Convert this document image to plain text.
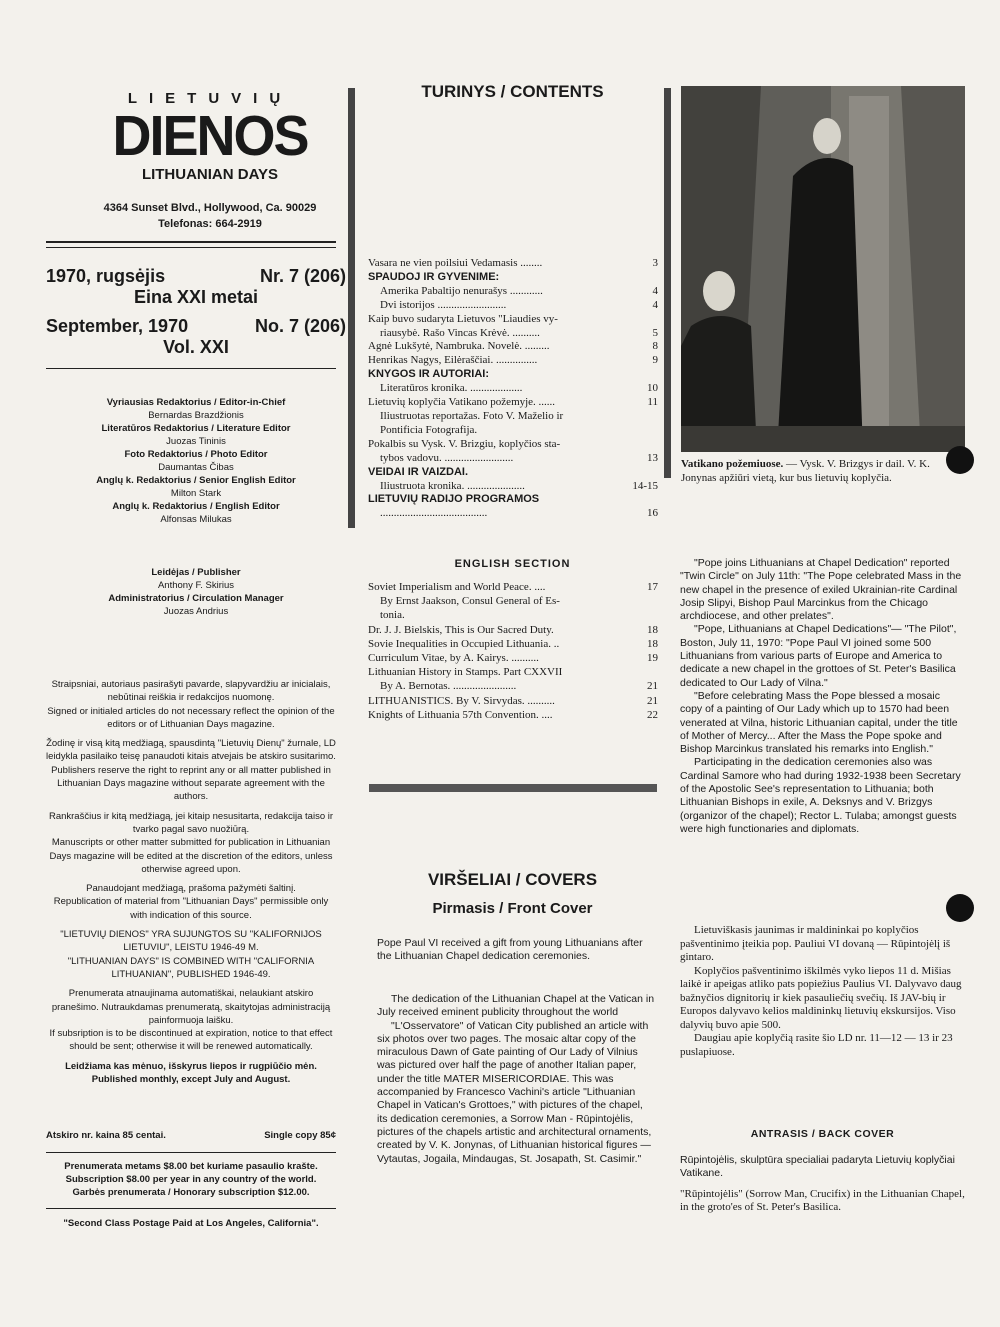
LIETUVIŲ
DIENOS
LITHUANIAN DAYS
4364 Sunset Blvd., Hollywood, Ca. 90029
Telefonas: 664-2919
1970, rugsėjis	Nr. 7 (206)
Eina XXI metai
September, 1970	No. 7 (206)
Vol. XXI
Vyriausias Redaktorius / Editor-in-Chief
Bernardas Brazdžionis
Literatūros Redaktorius / Literature Editor
Juozas Tininis
Foto Redaktorius / Photo Editor
Daumantas Čibas
Anglų k. Redaktorius / Senior English Editor
Milton Stark
Anglų k. Redaktorius / English Editor
Alfonsas Milukas
Leidėjas / Publisher
Anthony F. Skirius
Administratorius / Circulation Manager
Juozas Andrius

Straipsniai, autoriaus pasirašyti pavarde, slapyvardžiu ar inicialais, nebūtinai reiškia ir redakcijos nuomonę.
Signed or initialed articles do not necessary reflect the opinion of the editors or of Lithuanian Days magazine.

Žodinę ir visą kitą medžiagą, spausdintą "Lietuvių Dienų" žurnale, LD leidykla pasilaiko teisę panaudoti kitais atvejais be atskiro susitarimo.
Publishers reserve the right to reprint any or all matter published in Lithuanian Days magazine without separate agreement with the authors.

Rankraščius ir kitą medžiagą, jei kitaip nesusitarta, redakcija taiso ir tvarko pagal savo nuožiūrą.
Manuscripts or other matter submitted for publication in Lithuanian Days magazine will be edited at the discretion of the editors, unless otherwise agreed upon.

Panaudojant medžiagą, prašoma pažymėti šaltinį.
Republication of material from "Lithuanian Days" permissible only with indication of this source.

"LIETUVIŲ DIENOS" YRA SUJUNGTOS SU "KALIFORNIJOS LIETUVIU", LEISTU 1946-49 M.
"LITHUANIAN DAYS" IS COMBINED WITH "CALIFORNIA LITHUANIAN", PUBLISHED 1946-49.

Prenumerata atnaujinama automatiškai, nelaukiant atskiro pranešimo. Nutraukdamas prenumeratą, skaitytojas administraciją painformuoja laišku.
If subsription is to be discontinued at expiration, notice to that effect should be sent; otherwise it will be renewed automatically.

Leidžiama kas mėnuo, išskyrus liepos ir rugpiūčio mėn.
Published monthly, except July and August.

Atskiro nr. kaina 85 centai.	Single copy 85¢
Prenumerata metams $8.00 bet kuriame pasaulio krašte.
Subscription $8.00 per year in any country of the world.
Garbės prenumerata / Honorary subscription $12.00.
"Second Class Postage Paid at Los Angeles, California".
TURINYS / CONTENTS
Vasara ne vien poilsiui Vedamasis ........	3
SPAUDOJ IR GYVENIME:
Amerika Pabaltijo nenurašys ............	4
Dvi istorijos .........................	4
Kaip buvo sudaryta Lietuvos "Liaudies vy-
riausybė. Rašo Vincas Krėvė. ..........	5
Agnė Lukšytė, Nambruka. Novelė. .........	8
Henrikas Nagys, Eilėraščiai. ...............	9
KNYGOS IR AUTORIAI:
Literatūros kronika. ...................	10
Lietuvių koplyčia Vatikano požemyje. ......	11
Iliustruotas reportažas. Foto V. Maželio ir
Pontificia Fotografija.
Pokalbis su Vysk. V. Brizgiu, koplyčios sta-
tybos vadovu. .........................	13
VEIDAI IR VAIZDAI.
Iliustruota kronika. .....................	14-15
LIETUVIŲ RADIJO PROGRAMOS
.......................................	16
ENGLISH SECTION
Soviet Imperialism and World Peace. ....	17
By Ernst Jaakson, Consul General of Es-
tonia.
Dr. J. J. Bielskis, This is Our Sacred Duty.	18
Sovie Inequalities in Occupied Lithuania. ..	18
Curriculum Vitae, by A. Kairys. ..........	19
Lithuanian History in Stamps. Part CXXVII
By A. Bernotas. .......................	21
LITHUANISTICS. By V. Sirvydas. ..........	21
Knights of Lithuania 57th Convention. ....	22
VIRŠELIAI / COVERS
Pirmasis / Front Cover

Pope Paul VI received a gift from young Lithuanians after the Lithuanian Chapel dedication ceremonies.

The dedication of the Lithuanian Chapel at the Vatican in July received eminent publicity throughout the world

"L'Osservatore" of Vatican City published an article with six photos over two pages. The mosaic altar copy of the miraculous Dawn of Gate painting of Our Lady of Vilnius was pictured over half the page of another Italian paper, under the title MATER MISERICORDIAE. This was accompanied by Francesco Vachini's article "Lithuanian Chapel in Vatican's Grottoes," with pictures of the chapel, its dedication ceremonies, a Sorrow Man - Rūpintojėlis, pictures of the chapels artistic and architectural ornaments, created by V. K. Jonynas, of Lithuanian historical figures — Vytautas, Jogaila, Mindaugas, St. Josapath, St. Casimir."

Vatikano požemiuose. — Vysk. V. Brizgys ir dail. V. K. Jonynas apžiūri vietą, kur bus lietuvių koplyčia.

"Pope joins Lithuanians at Chapel Dedication" reported "Twin Circle" on July 11th: "The Pope celebrated Mass in the new chapel in the presence of exiled Ukrainian-rite Cardinal Josip Slipyi, Bishop Paul Marcinkus from the Chicago archdiocese, and other prelates".

"Pope, Lithuanians at Chapel Dedications"— "The Pilot", Boston, July 11, 1970: "Pope Paul VI joined some 500 Lithuanians from various parts of Europe and America to dedicate a new chapel in the grottoes of St. Peter's Basilica dedicated to Our Lady of Vilna."

"Before celebrating Mass the Pope blessed a mosaic copy of a painting of Our Lady which up to 1570 had been venerated at Vilna, historic Lithuanian capital, under the title of Mother of Mercy... After the Mass the Pope spoke and Bishop Marcinkus translated his remarks into English."

Participating in the dedication ceremonies also was Cardinal Samore who had during 1932-1938 been Secretary of the Apostolic See's representation to Lithuania; both Lithuanian Bishops in exile, A. Deksnys and V. Brizgys (organizor of the chapel); Rector L. Tulaba; amongst guests were high functionaries and diplomats.

Lietuviškasis jaunimas ir maldininkai po koplyčios pašventinimo įteikia pop. Pauliui VI dovaną — Rūpintojėlį iš gintaro.

Koplyčios pašventinimo iškilmės vyko liepos 11 d. Mišias laikė ir apeigas atliko pats popiežius Paulius VI. Dalyvavo daug bažnyčios dignitorių ir kiek pasauliečių svečių. Iš JAV-bių ir Europos dalyvavo kelios maldininkų lietuvių ekskursijos. Viso dalyvių buvo apie 500.

Daugiau apie koplyčią rasite šio LD nr. 11—12 — 13 ir 23 puslapiuose.

ANTRASIS / BACK COVER

Rūpintojėlis, skulptūra specialiai padaryta Lietuvių koplyčiai Vatikane.

"Rūpintojėlis" (Sorrow Man, Crucifix) in the Lithuanian Chapel, in the groto'es of St. Peter's Basilica.
